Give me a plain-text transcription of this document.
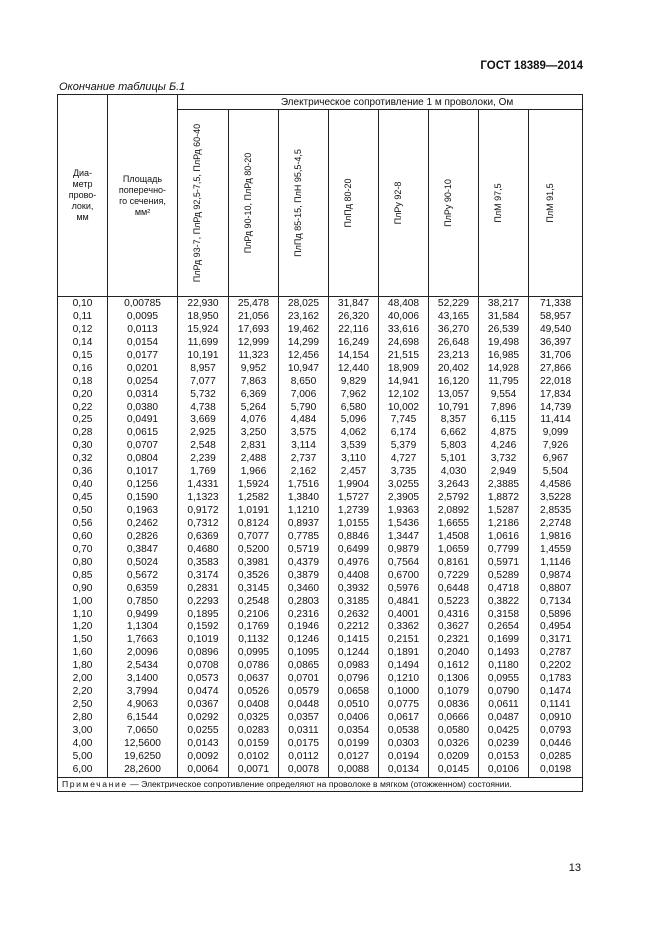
ГОСТ 18389—2014
Окончание таблицы Б.1
Диа-
метр
прово-
локи,
мм	Площадь
поперечно-
го сечения,
мм²	Электрическое сопротивление 1 м проволоки, Ом							

		ПлРд 93-7, ПлРд 92,5-7,5, ПлРд 60-40	ПлРд 90-10, ПлРд 80-20	ПлПд 85-15, ПлН 95,5-4,5	ПлПд 80-20	ПлРу 92-8	ПлРу 90-10	ПлМ 97,5	ПлМ 91,5

0,10	0,00785	22,930	25,478	28,025	31,847	48,408	52,229	38,217	71,338
0,11	0,0095	18,950	21,056	23,162	26,320	40,006	43,165	31,584	58,957
0,12	0,0113	15,924	17,693	19,462	22,116	33,616	36,270	26,539	49,540
0,14	0,0154	11,699	12,999	14,299	16,249	24,698	26,648	19,498	36,397
0,15	0,0177	10,191	11,323	12,456	14,154	21,515	23,213	16,985	31,706
0,16	0,0201	8,957	9,952	10,947	12,440	18,909	20,402	14,928	27,866
0,18	0,0254	7,077	7,863	8,650	9,829	14,941	16,120	11,795	22,018
0,20	0,0314	5,732	6,369	7,006	7,962	12,102	13,057	9,554	17,834
0,22	0,0380	4,738	5,264	5,790	6,580	10,002	10,791	7,896	14,739
0,25	0,0491	3,669	4,076	4,484	5,096	7,745	8,357	6,115	11,414
0,28	0,0615	2,925	3,250	3,575	4,062	6,174	6,662	4,875	9,099
0,30	0,0707	2,548	2,831	3,114	3,539	5,379	5,803	4,246	7,926
0,32	0,0804	2,239	2,488	2,737	3,110	4,727	5,101	3,732	6,967
0,36	0,1017	1,769	1,966	2,162	2,457	3,735	4,030	2,949	5,504
0,40	0,1256	1,4331	1,5924	1,7516	1,9904	3,0255	3,2643	2,3885	4,4586
0,45	0,1590	1,1323	1,2582	1,3840	1,5727	2,3905	2,5792	1,8872	3,5228
0,50	0,1963	0,9172	1,0191	1,1210	1,2739	1,9363	2,0892	1,5287	2,8535
0,56	0,2462	0,7312	0,8124	0,8937	1,0155	1,5436	1,6655	1,2186	2,2748
0,60	0,2826	0,6369	0,7077	0,7785	0,8846	1,3447	1,4508	1,0616	1,9816
0,70	0,3847	0,4680	0,5200	0,5719	0,6499	0,9879	1,0659	0,7799	1,4559
0,80	0,5024	0,3583	0,3981	0,4379	0,4976	0,7564	0,8161	0,5971	1,1146
0,85	0,5672	0,3174	0,3526	0,3879	0,4408	0,6700	0,7229	0,5289	0,9874
0,90	0,6359	0,2831	0,3145	0,3460	0,3932	0,5976	0,6448	0,4718	0,8807
1,00	0,7850	0,2293	0,2548	0,2803	0,3185	0,4841	0,5223	0,3822	0,7134
1,10	0,9499	0,1895	0,2106	0,2316	0,2632	0,4001	0,4316	0,3158	0,5896
1,20	1,1304	0,1592	0,1769	0,1946	0,2212	0,3362	0,3627	0,2654	0,4954
1,50	1,7663	0,1019	0,1132	0,1246	0,1415	0,2151	0,2321	0,1699	0,3171
1,60	2,0096	0,0896	0,0995	0,1095	0,1244	0,1891	0,2040	0,1493	0,2787
1,80	2,5434	0,0708	0,0786	0,0865	0,0983	0,1494	0,1612	0,1180	0,2202
2,00	3,1400	0,0573	0,0637	0,0701	0,0796	0,1210	0,1306	0,0955	0,1783
2,20	3,7994	0,0474	0,0526	0,0579	0,0658	0,1000	0,1079	0,0790	0,1474
2,50	4,9063	0,0367	0,0408	0,0448	0,0510	0,0775	0,0836	0,0611	0,1141
2,80	6,1544	0,0292	0,0325	0,0357	0,0406	0,0617	0,0666	0,0487	0,0910
3,00	7,0650	0,0255	0,0283	0,0311	0,0354	0,0538	0,0580	0,0425	0,0793
4,00	12,5600	0,0143	0,0159	0,0175	0,0199	0,0303	0,0326	0,0239	0,0446
5,00	19,6250	0,0092	0,0102	0,0112	0,0127	0,0194	0,0209	0,0153	0,0285
6,00	28,2600	0,0064	0,0071	0,0078	0,0088	0,0134	0,0145	0,0106	0,0198
Примечание — Электрическое сопротивление определяют на проволоке в мягком (отожженном) состоянии.									
13
